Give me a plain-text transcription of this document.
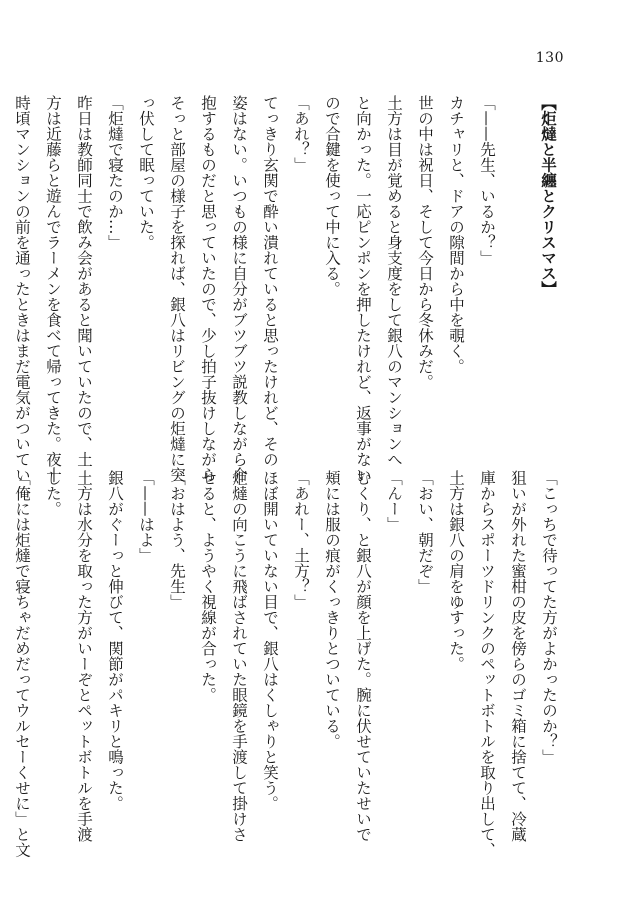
130
【炬燵と半纏とクリスマス】

「——先生、いるか？」
カチャリと、ドアの隙間から中を覗く。
世の中は祝日、そして今日から冬休みだ。
土方は目が覚めると身支度をして銀八のマンションへ
と向かった。一応ピンポンを押したけれど、返事がない
ので合鍵を使って中に入る。
「あれ？」
てっきり玄関で酔い潰れていると思ったけれど、その
姿はない。いつもの様に自分がブツブツ説教しながら介
抱するものだと思っていたので、少し拍子抜けしながら
そっと部屋の様子を探れば、銀八はリビングの炬燵に突
っ伏して眠っていた。
「炬燵で寝たのか…」
昨日は教師同士で飲み会があると聞いていたので、土
方は近藤らと遊んでラーメンを食べて帰ってきた。夜十
時頃マンションの前を通ったときはまだ電気がついてい
「こっちで待ってた方がよかったのか？」
狙いが外れた蜜柑の皮を傍らのゴミ箱に捨てて、冷蔵
庫からスポーツドリンクのペットボトルを取り出して、
土方は銀八の肩をゆすった。
「おい、朝だぞ」
「んー」
むくり、と銀八が顔を上げた。腕に伏せていたせいで
頬には服の痕がくっきりとついている。
「あれー、土方？」
ほぼ開いていない目で、銀八はくしゃりと笑う。
炬燵の向こうに飛ばされていた眼鏡を手渡して掛けさ
せると、ようやく視線が合った。
「おはよう、先生」
「——はよ」
銀八がぐーっと伸びて、関節がパキリと鳴った。
土方は水分を取った方がいーぞとペットボトルを手渡
した。
「俺には炬燵で寝ちゃだめだってウルセーくせに」と文
